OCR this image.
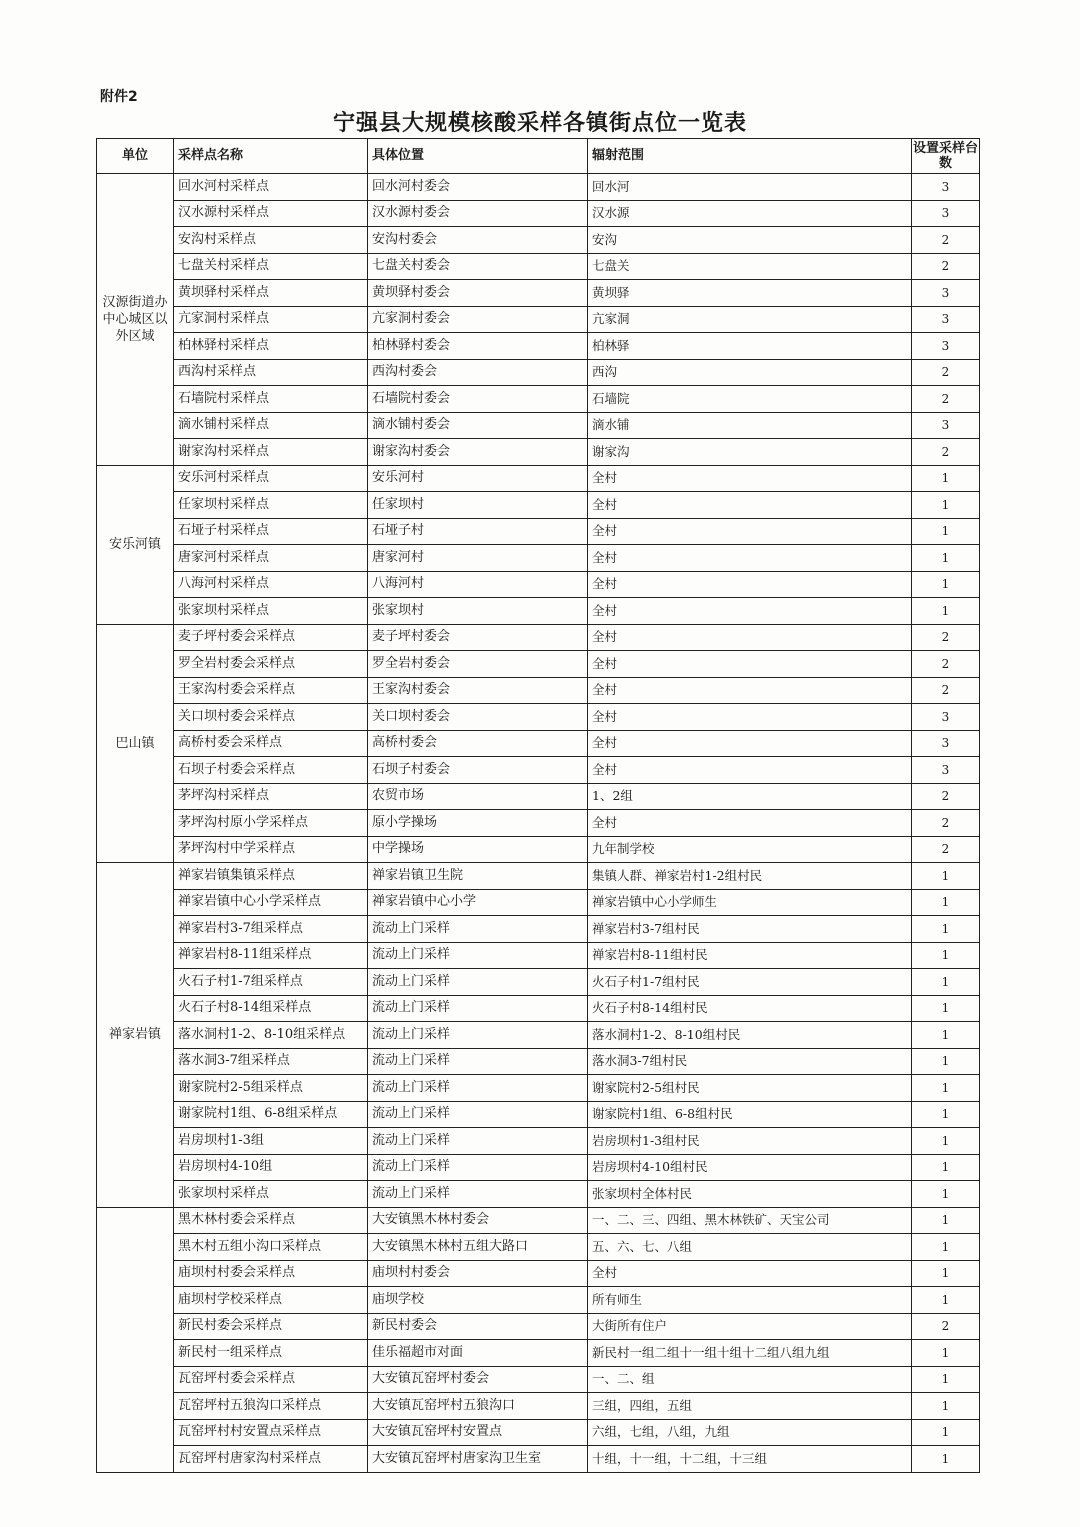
附件2
宁强县大规模核酸采样各镇街点位一览表
单位	采样点名称	具体位置	辐射范围	设置采样台数
汉源街道办中心城区以外区域	回水河村采样点	回水河村委会	回水河	3
	汉水源村采样点	汉水源村委会	汉水源	3
	安沟村采样点	安沟村委会	安沟	2
	七盘关村采样点	七盘关村委会	七盘关	2
	黄坝驿村采样点	黄坝驿村委会	黄坝驿	3
	亢家洞村采样点	亢家洞村委会	亢家洞	3
	柏林驿村采样点	柏林驿村委会	柏林驿	3
	西沟村采样点	西沟村委会	西沟	2
	石墙院村采样点	石墙院村委会	石墙院	2
	滴水铺村采样点	滴水铺村委会	滴水铺	3
	谢家沟村采样点	谢家沟村委会	谢家沟	2
安乐河镇	安乐河村采样点	安乐河村	全村	1
	任家坝村采样点	任家坝村	全村	1
	石垭子村采样点	石垭子村	全村	1
	唐家河村采样点	唐家河村	全村	1
	八海河村采样点	八海河村	全村	1
	张家坝村采样点	张家坝村	全村	1
巴山镇	麦子坪村委会采样点	麦子坪村委会	全村	2
	罗全岩村委会采样点	罗全岩村委会	全村	2
	王家沟村委会采样点	王家沟村委会	全村	2
	关口坝村委会采样点	关口坝村委会	全村	3
	高桥村委会采样点	高桥村委会	全村	3
	石坝子村委会采样点	石坝子村委会	全村	3
	茅坪沟村采样点	农贸市场	1、2组	2
	茅坪沟村原小学采样点	原小学操场	全村	2
	茅坪沟村中学采样点	中学操场	九年制学校	2
禅家岩镇	禅家岩镇集镇采样点	禅家岩镇卫生院	集镇人群、禅家岩村1-2组村民	1
	禅家岩镇中心小学采样点	禅家岩镇中心小学	禅家岩镇中心小学师生	1
	禅家岩村3-7组采样点	流动上门采样	禅家岩村3-7组村民	1
	禅家岩村8-11组采样点	流动上门采样	禅家岩村8-11组村民	1
	火石子村1-7组采样点	流动上门采样	火石子村1-7组村民	1
	火石子村8-14组采样点	流动上门采样	火石子村8-14组村民	1
	落水洞村1-2、8-10组采样点	流动上门采样	落水洞村1-2、8-10组村民	1
	落水洞3-7组采样点	流动上门采样	落水洞3-7组村民	1
	谢家院村2-5组采样点	流动上门采样	谢家院村2-5组村民	1
	谢家院村1组、6-8组采样点	流动上门采样	谢家院村1组、6-8组村民	1
	岩房坝村1-3组	流动上门采样	岩房坝村1-3组村民	1
	岩房坝村4-10组	流动上门采样	岩房坝村4-10组村民	1
	张家坝村采样点	流动上门采样	张家坝村全体村民	1
	黑木林村委会采样点	大安镇黑木林村委会	一、二、三、四组、黑木林铁矿、天宝公司	1
	黑木村五组小沟口采样点	大安镇黑木林村五组大路口	五、六、七、八组	1
	庙坝村村委会采样点	庙坝村村委会	全村	1
	庙坝村学校采样点	庙坝学校	所有师生	1
	新民村委会采样点	新民村委会	大街所有住户	2
	新民村一组采样点	佳乐福超市对面	新民村一组二组十一组十组十二组八组九组	1
	瓦窑坪村委会采样点	大安镇瓦窑坪村委会	一、二、组	1
	瓦窑坪村五狼沟口采样点	大安镇瓦窑坪村五狼沟口	三组，四组，五组	1
	瓦窑坪村村安置点采样点	大安镇瓦窑坪村安置点	六组，七组，八组，九组	1
	瓦窑坪村唐家沟村采样点	大安镇瓦窑坪村唐家沟卫生室	十组，十一组，十二组，十三组	1
